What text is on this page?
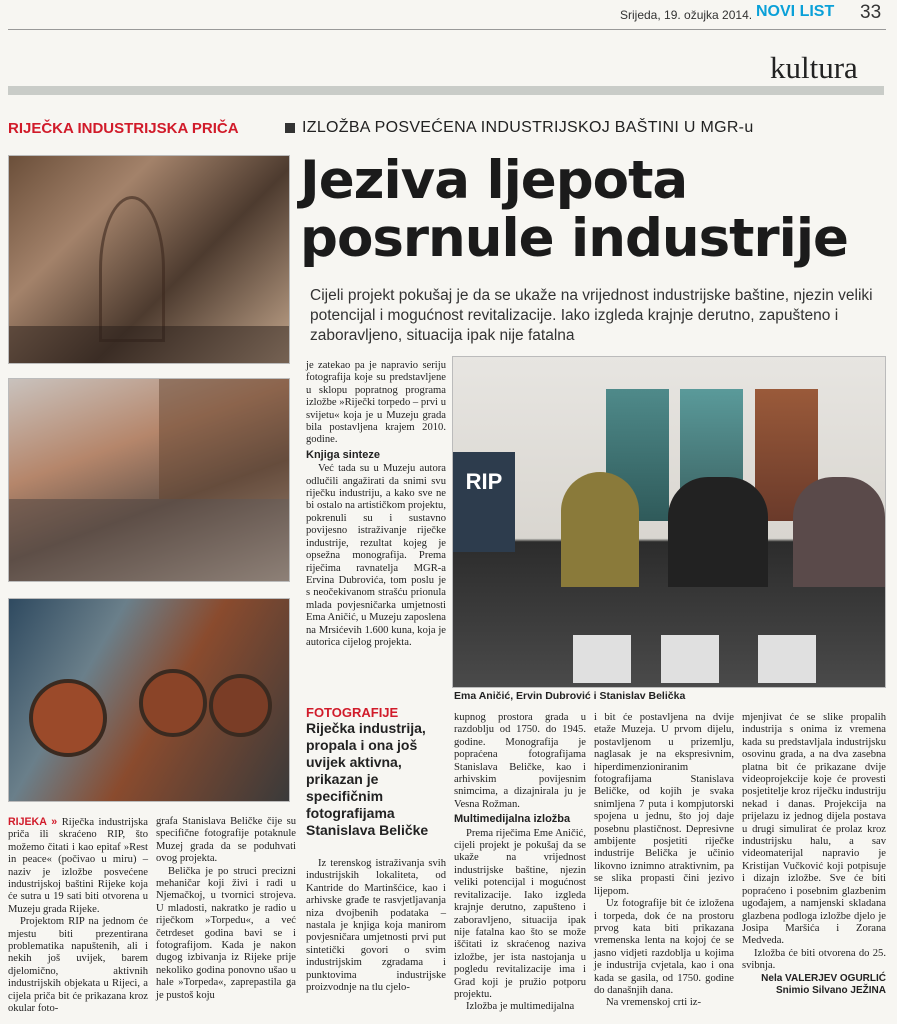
Srijeda, 19. ožujka 2014. NOVI LIST 33
kultura
RIJEČKA INDUSTRIJSKA PRIČA	IZLOŽBA POSVEĆENA INDUSTRIJSKOJ BAŠTINI U MGR-u
Jeziva ljepota
posrnule industrije
Cijeli projekt pokušaj je da se ukaže na vrijednost industrijske baštine, njezin veliki potencijal i mogućnost revitalizacije. Iako izgleda krajnje derutno, zapušteno i zaboravljeno, situacija ipak nije fatalna
RIP
Ema Aničić, Ervin Dubrović i Stanislav Belička

RIJEKA » Riječka industrijska priča ili skraćeno RIP, što možemo čitati i kao epitaf »Rest in peace« (počivao u miru) – naziv je izložbe posvećene industrijskoj baštini Rijeke koja će sutra u 19 sati biti otvorena u Muzeju grada Rijeke.

Projektom RIP na jednom će mjestu biti prezentirana problematika napuštenih, ali i nekih još uvijek, barem djelomično, aktivnih industrijskih objekata u Rijeci, a cijela priča bit će prikazana kroz okular foto-

grafa Stanislava Beličke čije su specifične fotografije potaknule Muzej grada da se poduhvati ovog projekta.

Belička je po struci precizni mehaničar koji živi i radi u Njemačkoj, u tvornici strojeva. U mladosti, nakratko je radio u riječkom »Torpedu«, a već četrdeset godina bavi se i fotografijom. Kada je nakon dugog izbivanja iz Rijeke prije nekoliko godina ponovno ušao u hale »Torpeda«, zaprepastila ga je pustoš koju

je zatekao pa je napravio seriju fotografija koje su predstavljene u sklopu popratnog programa izložbe »Riječki torpedo – prvi u svijetu« koja je u Muzeju grada bila postavljena krajem 2010. godine.

Knjiga sinteze

Već tada su u Muzeju autora odlučili angažirati da snimi svu riječku industriju, a kako sve ne bi ostalo na artističkom projektu, pokrenuli su i sustavno povijesno istraživanje riječke industrije, rezultat kojeg je opsežna monografija. Prema riječima ravnatelja MGR-a Ervina Dubrovića, tom poslu je s neočekivanom strašću prionula mlada povjesničarka umjetnosti Ema Aničić, u Muzeju zaposlena na Mrsićevih 1.600 kuna, koja je autorica cijelog projekta.

FOTOGRAFIJE
Riječka industrija, propala i ona još uvijek aktivna, prikazan je specifičnim fotografijama Stanislava Beličke

Iz terenskog istraživanja svih industrijskih lokaliteta, od Kantride do Martinšćice, kao i arhivske građe te rasvjetljavanja niza dvojbenih podataka – nastala je knjiga koja manirom povjesničara umjetnosti prvi put sintetički govori o svim industrijskim zgradama i punktovima industrijske proizvodnje na tlu cjelo-

kupnog prostora grada u razdoblju od 1750. do 1945. godine. Monografija je popraćena fotografijama Stanislava Beličke, kao i arhivskim povijesnim snimcima, a dizajnirala ju je Vesna Rožman.

Multimedijalna izložba

Prema riječima Eme Aničić, cijeli projekt je pokušaj da se ukaže na vrijednost industrijske baštine, njezin veliki potencijal i mogućnost revitalizacije. Iako izgleda krajnje derutno, zapušteno i zaboravljeno, situacija ipak nije fatalna kao što se može iščitati iz skraćenog naziva izložbe, jer ista nastojanja u pogledu revitalizacije ima i Grad koji je pružio potporu projektu.

Izložba je multimedijalna

i bit će postavljena na dvije etaže Muzeja. U prvom dijelu, postavljenom u prizemlju, naglasak je na ekspresivnim, hiperdimenzioniranim fotografijama Stanislava Beličke, od kojih je svaka snimljena 7 puta i kompjutorski spojena u jednu, što joj daje posebnu plastičnost. Depresivne ambijente posjetiti riječke industrije Belička je učinio likovno iznimno atraktivnim, pa se slika propasti čini jezivo lijepom.

Uz fotografije bit će izložena i torpeda, dok će na prostoru prvog kata biti prikazana vremenska lenta na kojoj će se jasno vidjeti razdoblja u kojima je industrija cvjetala, kao i ona kada se gasila, od 1750. godine do današnjih dana.

Na vremenskoj crti iz-

mjenjivat će se slike propalih industrija s onima iz vremena kada su predstavljala industrijsku osovinu grada, a na dva zasebna platna bit će prikazane dvije videoprojekcije koje će provesti posjetitelje kroz riječku industriju nekad i danas. Projekcija na prijelazu iz jednog dijela postava u drugi simulirat će prolaz kroz industrijsku halu, a sav videomaterijal napravio je Kristijan Vučković koji potpisuje i dizajn izložbe. Sve će biti popraćeno i posebnim glazbenim ugođajem, a namjenski skladana glazbena podloga izložbe djelo je Josipa Maršića i Zorana Medveda.

Izložba će biti otvorena do 25. svibnja.

Nela VALERJEV OGURLIĆ
Snimio Silvano JEŽINA
